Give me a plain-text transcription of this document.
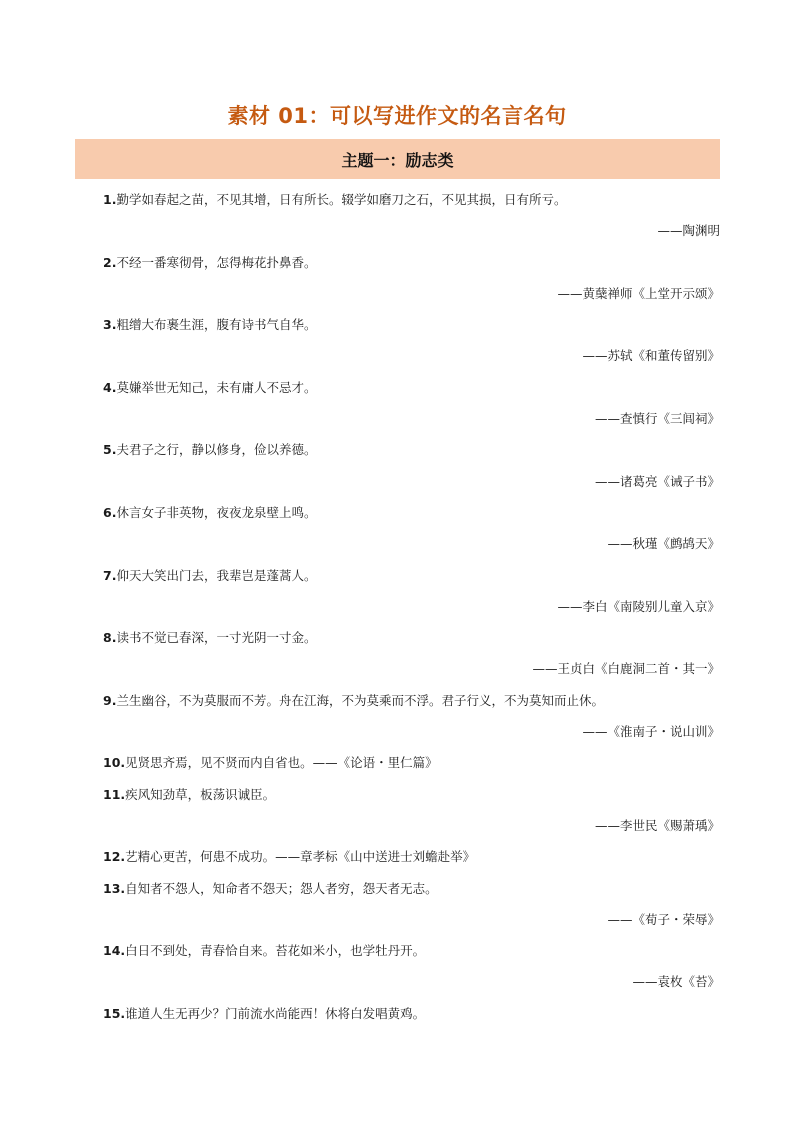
素材 01：可以写进作文的名言名句
主题一：励志类
1.勤学如春起之苗，不见其增，日有所长。辍学如磨刀之石，不见其损，日有所亏。
——陶渊明
2.不经一番寒彻骨，怎得梅花扑鼻香。
——黄蘖禅师《上堂开示颂》
3.粗缯大布裹生涯，腹有诗书气自华。
——苏轼《和董传留别》
4.莫嫌举世无知己，未有庸人不忌才。
——查慎行《三闾祠》
5.夫君子之行，静以修身，俭以养德。
——诸葛亮《诫子书》
6.休言女子非英物，夜夜龙泉壁上鸣。
——秋瑾《鹧鸪天》
7.仰天大笑出门去，我辈岂是蓬蒿人。
——李白《南陵别儿童入京》
8.读书不觉已春深，一寸光阴一寸金。
——王贞白《白鹿洞二首・其一》
9.兰生幽谷，不为莫服而不芳。舟在江海，不为莫乘而不浮。君子行义，不为莫知而止休。
——《淮南子・说山训》
10.见贤思齐焉，见不贤而内自省也。——《论语・里仁篇》
11.疾风知劲草，板荡识诚臣。
——李世民《赐萧瑀》
12.艺精心更苦，何患不成功。——章孝标《山中送进士刘蟾赴举》
13.自知者不怨人，知命者不怨天；怨人者穷，怨天者无志。
——《荀子・荣辱》
14.白日不到处，青春恰自来。苔花如米小，也学牡丹开。
——袁枚《苔》
15.谁道人生无再少？门前流水尚能西！休将白发唱黄鸡。
